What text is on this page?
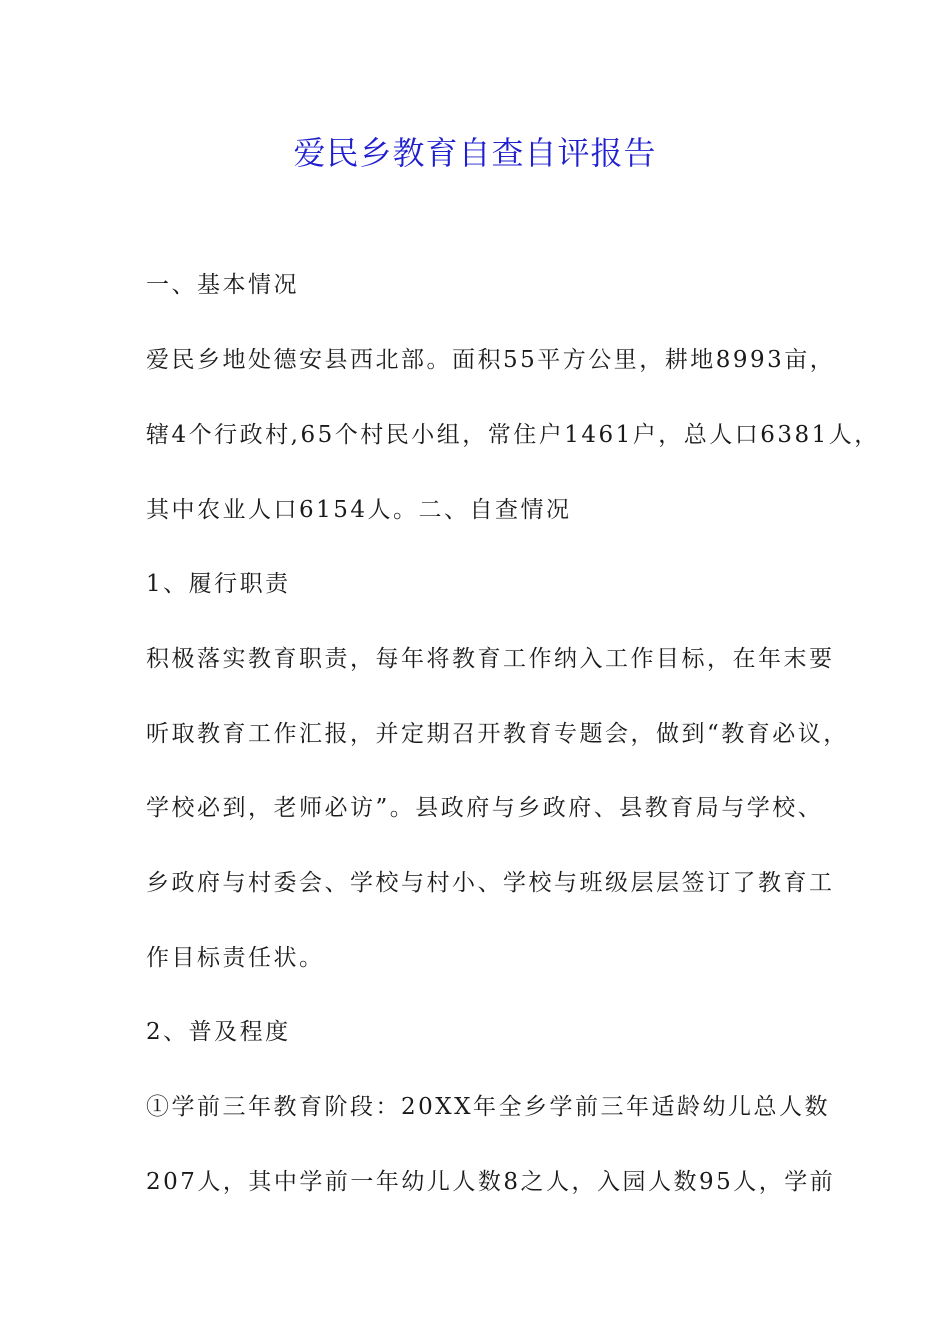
爱民乡教育自查自评报告
一、基本情况
爱民乡地处德安县西北部。面积55平方公里，耕地8993亩，
辖4个行政村,65个村民小组，常住户1461户，总人口6381人，
其中农业人口6154人。二、自查情况
1、履行职责
积极落实教育职责，每年将教育工作纳入工作目标，在年末要
听取教育工作汇报，并定期召开教育专题会，做到“教育必议，
学校必到，老师必访”。县政府与乡政府、县教育局与学校、
乡政府与村委会、学校与村小、学校与班级层层签订了教育工
作目标责任状。
2、普及程度
①学前三年教育阶段：20XX年全乡学前三年适龄幼儿总人数
207人，其中学前一年幼儿人数8之人，入园人数95人，学前
